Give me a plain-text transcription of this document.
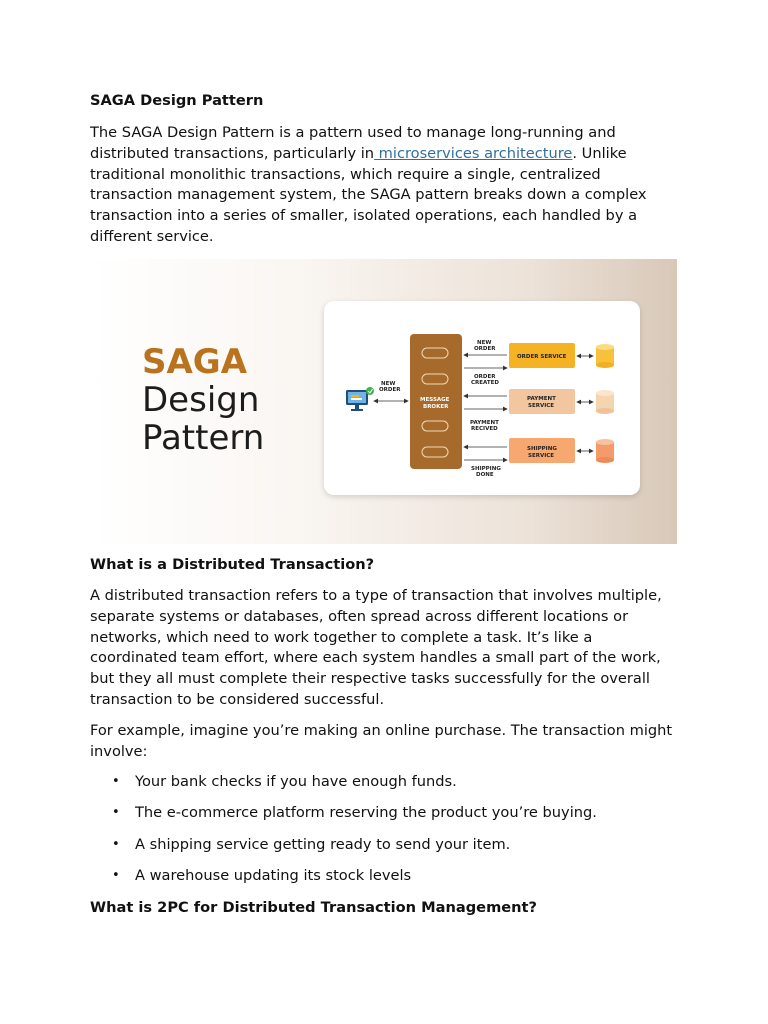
SAGA Design Pattern

The SAGA Design Pattern is a pattern used to manage long-running and distributed transactions, particularly in microservices architecture. Unlike traditional monolithic transactions, which require a single, centralized transaction management system, the SAGA pattern breaks down a complex transaction into a series of smaller, isolated operations, each handled by a different service.

SAGA
Design
Pattern
NEW
ORDER
MESSAGE
BROKER
NEW
ORDER
ORDER
CREATED
PAYMENT
RECIVED
SHIPPING
DONE
ORDER SERVICE
PAYMENT
SERVICE
SHIPPING
SERVICE
What is a Distributed Transaction?

A distributed transaction refers to a type of transaction that involves multiple, separate systems or databases, often spread across different locations or networks, which need to work together to complete a task. It’s like a coordinated team effort, where each system handles a small part of the work, but they all must complete their respective tasks successfully for the overall transaction to be considered successful.

For example, imagine you’re making an online purchase. The transaction might involve:

• Your bank checks if you have enough funds.
• The e-commerce platform reserving the product you’re buying.
• A shipping service getting ready to send your item.
• A warehouse updating its stock levels
What is 2PC for Distributed Transaction Management?
